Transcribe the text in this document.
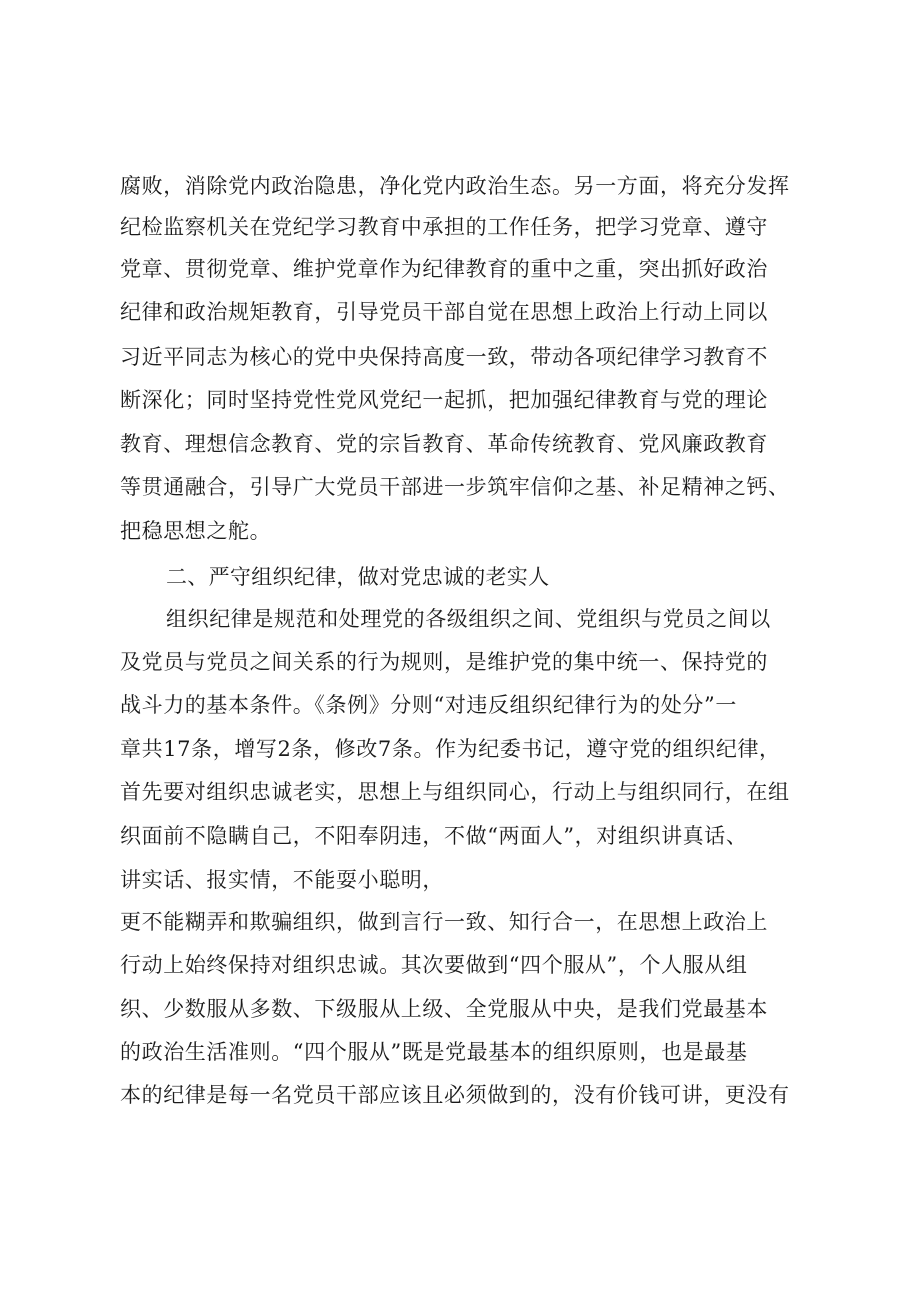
腐败，消除党内政治隐患，净化党内政治生态。另一方面，将充分发挥
纪检监察机关在党纪学习教育中承担的工作任务，把学习党章、遵守
党章、贯彻党章、维护党章作为纪律教育的重中之重，突出抓好政治
纪律和政治规矩教育，引导党员干部自觉在思想上政治上行动上同以
习近平同志为核心的党中央保持高度一致，带动各项纪律学习教育不
断深化；同时坚持党性党风党纪一起抓，把加强纪律教育与党的理论
教育、理想信念教育、党的宗旨教育、革命传统教育、党风廉政教育
等贯通融合，引导广大党员干部进一步筑牢信仰之基、补足精神之钙、
把稳思想之舵。
二、严守组织纪律，做对党忠诚的老实人
组织纪律是规范和处理党的各级组织之间、党组织与党员之间以
及党员与党员之间关系的行为规则，是维护党的集中统一、保持党的
战斗力的基本条件。《条例》分则“对违反组织纪律行为的处分”一
章共17条，增写2条，修改7条。作为纪委书记，遵守党的组织纪律，
首先要对组织忠诚老实，思想上与组织同心，行动上与组织同行，在组
织面前不隐瞒自己，不阳奉阴违，不做“两面人”，对组织讲真话、
讲实话、报实情，不能耍小聪明，
更不能糊弄和欺骗组织，做到言行一致、知行合一，在思想上政治上
行动上始终保持对组织忠诚。其次要做到“四个服从”，个人服从组
织、少数服从多数、下级服从上级、全党服从中央，是我们党最基本
的政治生活准则。“四个服从”既是党最基本的组织原则，也是最基
本的纪律是每一名党员干部应该且必须做到的，没有价钱可讲，更没有
